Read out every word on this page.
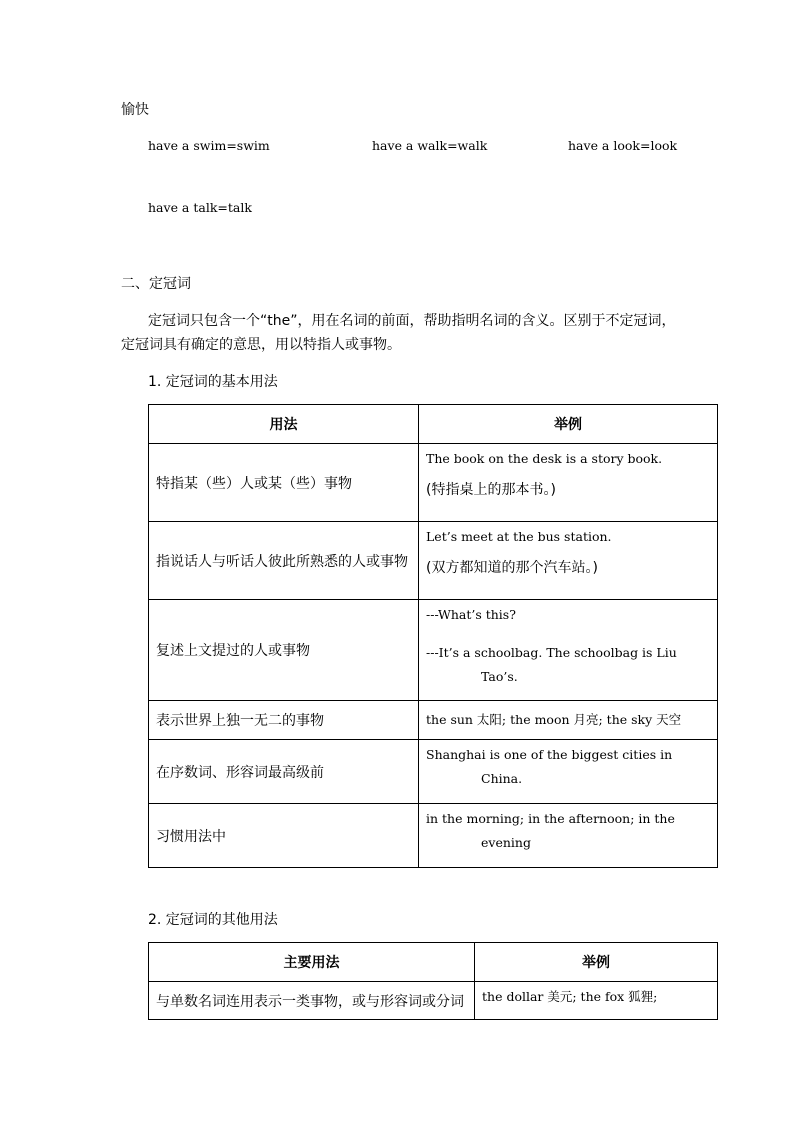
愉快
have a swim=swim	have a walk=walk	have a look=look
have a talk=talk
二、定冠词
定冠词只包含一个“the”，用在名词的前面，帮助指明名词的含义。区别于不定冠词，
定冠词具有确定的意思，用以特指人或事物。
1. 定冠词的基本用法
用法	举例
特指某（些）人或某（些）事物	The book on the desk is a story book.
(特指桌上的那本书。)

指说话人与听话人彼此所熟悉的人或事物	Let’s meet at the bus station.
(双方都知道的那个汽车站。)

复述上文提过的人或事物	---What’s this?
---It’s a schoolbag. The schoolbag is Liu
Tao’s.

表示世界上独一无二的事物	the sun 太阳; the moon 月亮; the sky 天空

在序数词、形容词最高级前	Shanghai is one of the biggest cities in
China.

习惯用法中	in the morning; in the afternoon; in the
evening
2. 定冠词的其他用法
主要用法	举例
与单数名词连用表示一类事物，或与形容词或分词	the dollar 美元; the fox 狐狸;
